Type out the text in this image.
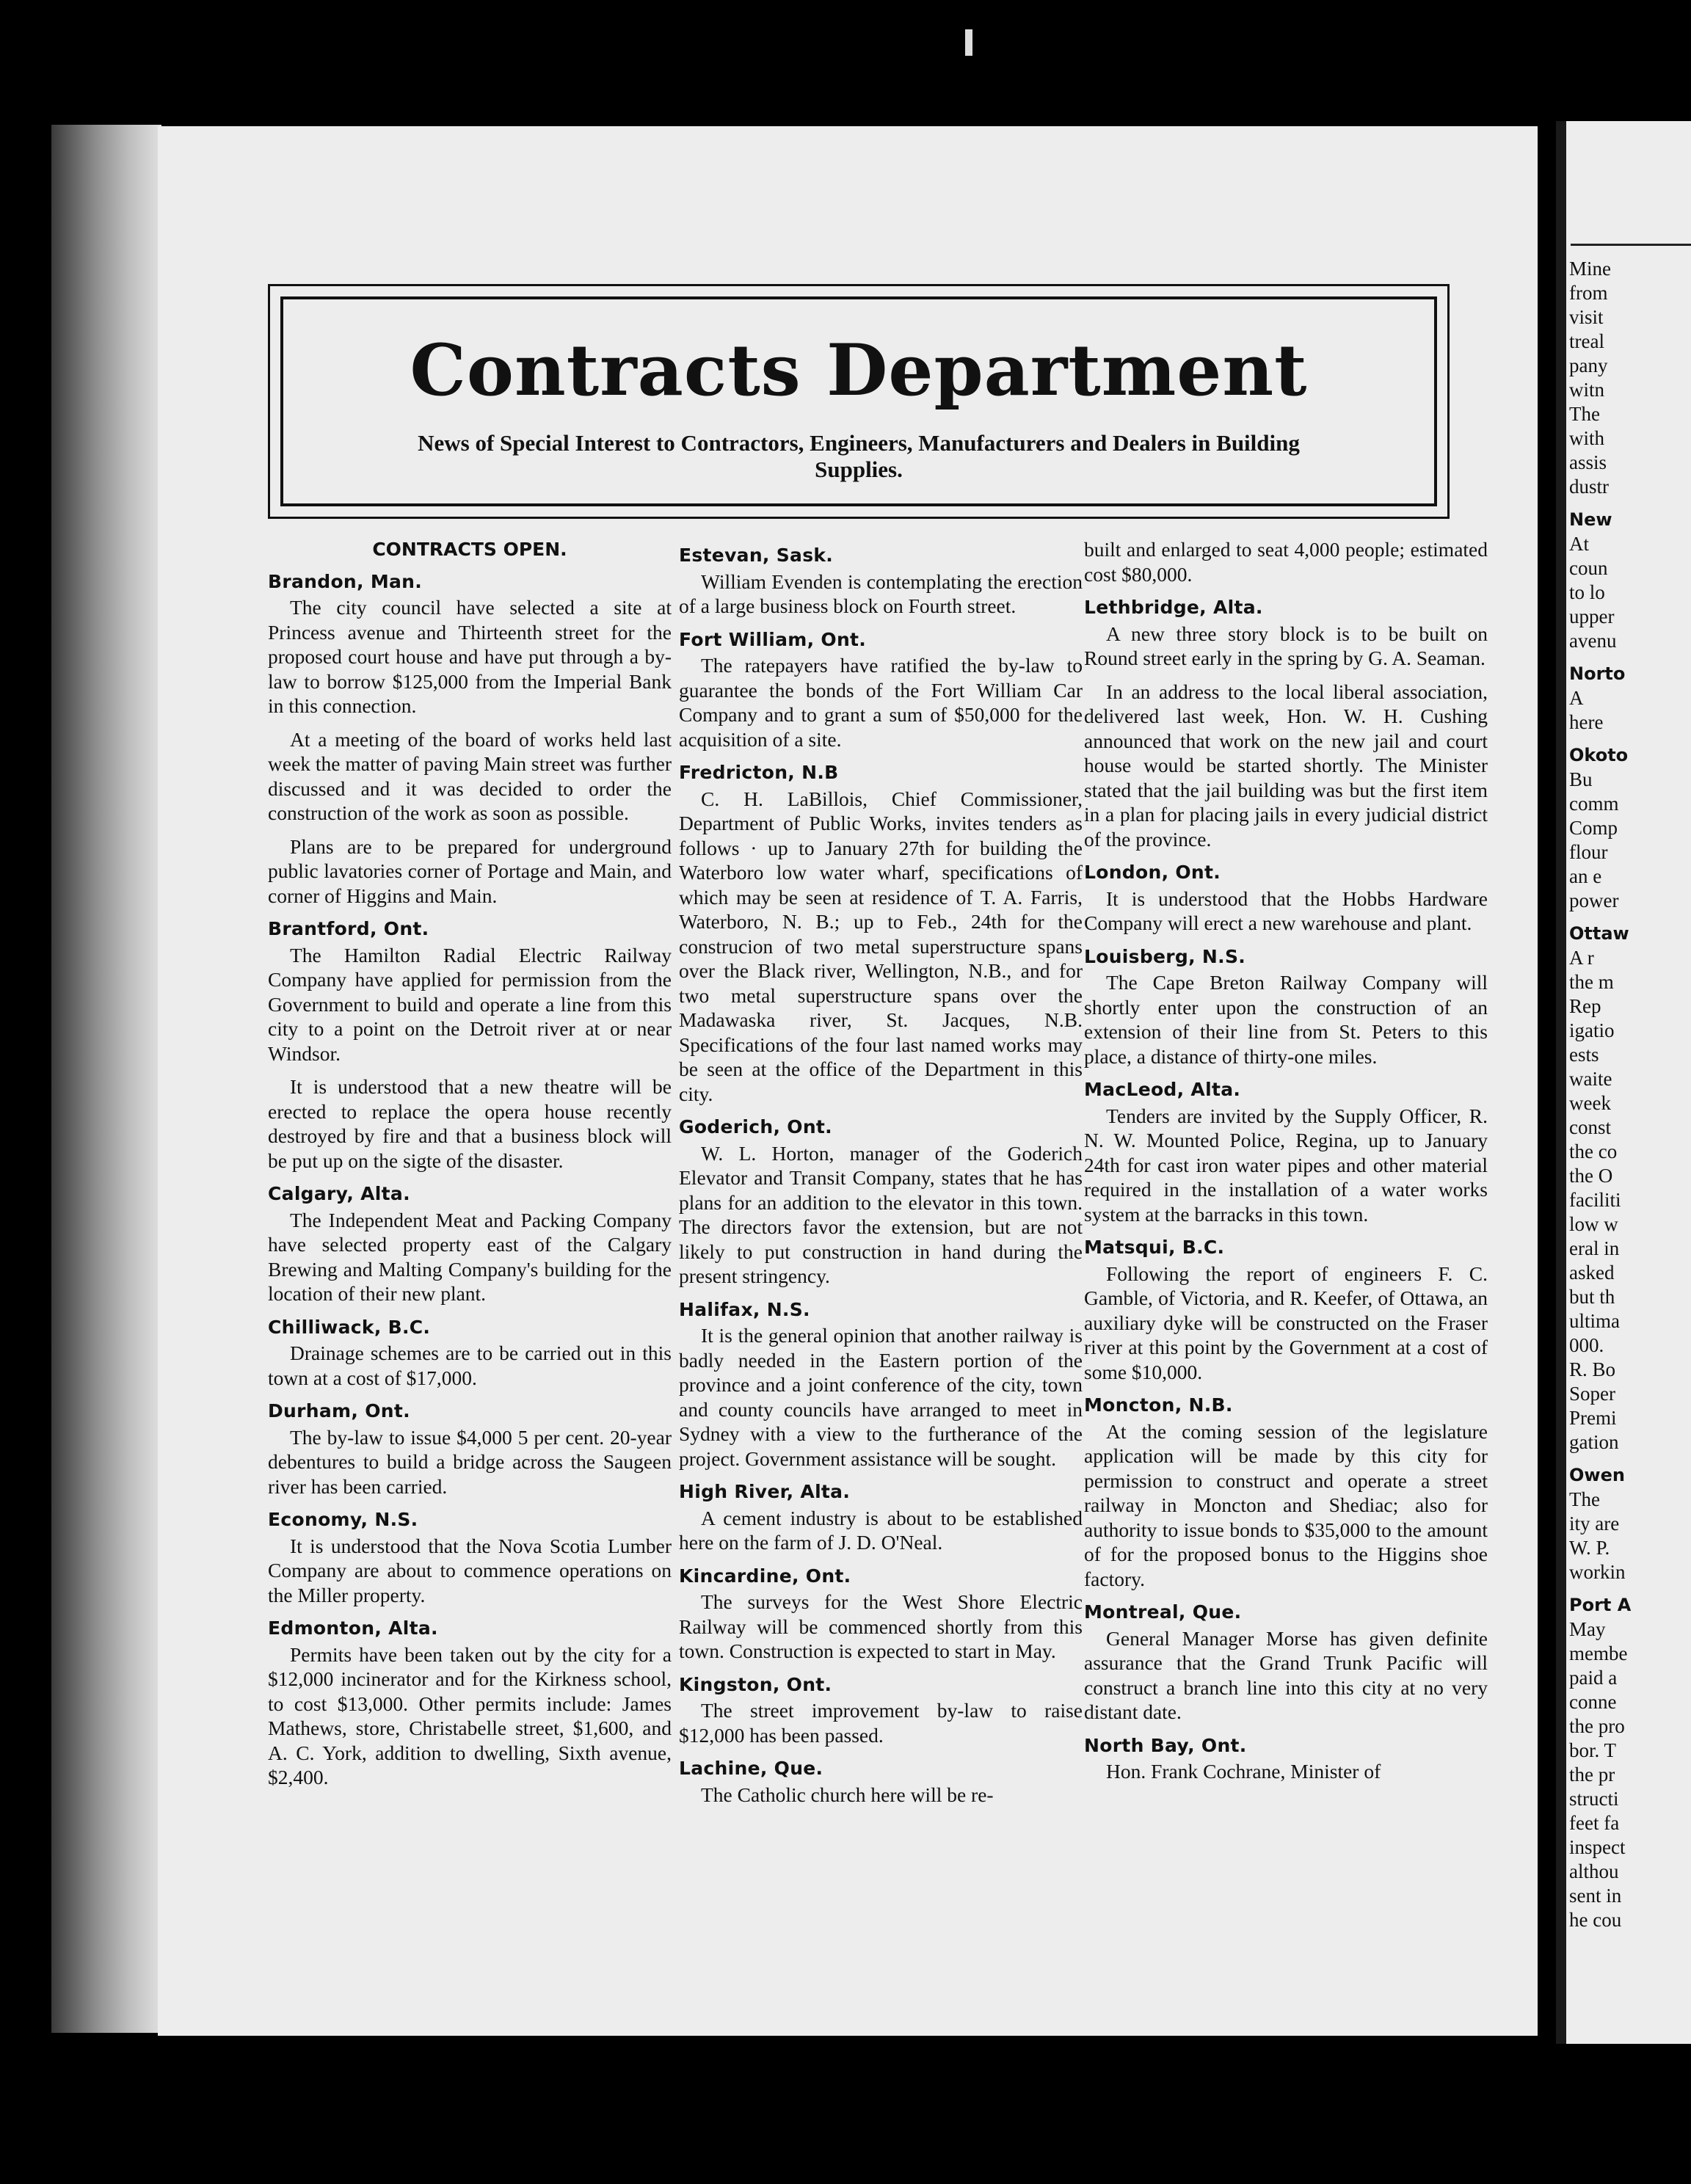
Contracts Department
News of Special Interest to Contractors, Engineers, Manufacturers and Dealers in Building Supplies.
CONTRACTS OPEN.
Brandon, Man.

The city council have selected a site at Princess avenue and Thirteenth street for the proposed court house and have put through a by-law to borrow $125,000 from the Imperial Bank in this connection.

At a meeting of the board of works held last week the matter of paving Main street was further discussed and it was decided to order the construction of the work as soon as possible.

Plans are to be prepared for underground public lavatories corner of Portage and Main, and corner of Higgins and Main.

Brantford, Ont.

The Hamilton Radial Electric Railway Company have applied for permission from the Government to build and operate a line from this city to a point on the Detroit river at or near Windsor.

It is understood that a new theatre will be erected to replace the opera house recently destroyed by fire and that a business block will be put up on the sigte of the disaster.

Calgary, Alta.

The Independent Meat and Packing Company have selected property east of the Calgary Brewing and Malting Company's building for the location of their new plant.

Chilliwack, B.C.

Drainage schemes are to be carried out in this town at a cost of $17,000.

Durham, Ont.

The by-law to issue $4,000 5 per cent. 20-year debentures to build a bridge across the Saugeen river has been carried.

Economy, N.S.

It is understood that the Nova Scotia Lumber Company are about to commence operations on the Miller property.

Edmonton, Alta.

Permits have been taken out by the city for a $12,000 incinerator and for the Kirkness school, to cost $13,000. Other permits include: James Mathews, store, Christabelle street, $1,600, and A. C. York, addition to dwelling, Sixth avenue, $2,400.

Estevan, Sask.

William Evenden is contemplating the erection of a large business block on Fourth street.

Fort William, Ont.

The ratepayers have ratified the by-law to guarantee the bonds of the Fort William Car Company and to grant a sum of $50,000 for the acquisition of a site.

Fredricton, N.B

C. H. LaBillois, Chief Commissioner, Department of Public Works, invites tenders as follows · up to January 27th for building the Waterboro low water wharf, specifications of which may be seen at residence of T. A. Farris, Waterboro, N. B.; up to Feb., 24th for the construcion of two metal superstructure spans over the Black river, Wellington, N.B., and for two metal superstructure spans over the Madawaska river, St. Jacques, N.B. Specifications of the four last named works may be seen at the office of the Department in this city.

Goderich, Ont.

W. L. Horton, manager of the Goderich Elevator and Transit Company, states that he has plans for an addition to the elevator in this town. The directors favor the extension, but are not likely to put construction in hand during the present stringency.

Halifax, N.S.

It is the general opinion that another railway is badly needed in the Eastern portion of the province and a joint conference of the city, town and county councils have arranged to meet in Sydney with a view to the furtherance of the project. Government assistance will be sought.

High River, Alta.

A cement industry is about to be established here on the farm of J. D. O'Neal.

Kincardine, Ont.

The surveys for the West Shore Electric Railway will be commenced shortly from this town. Construction is expected to start in May.

Kingston, Ont.

The street improvement by-law to raise $12,000 has been passed.

Lachine, Que.

The Catholic church here will be re-

built and enlarged to seat 4,000 people; estimated cost $80,000.

Lethbridge, Alta.

A new three story block is to be built on Round street early in the spring by G. A. Seaman.

In an address to the local liberal association, delivered last week, Hon. W. H. Cushing announced that work on the new jail and court house would be started shortly. The Minister stated that the jail building was but the first item in a plan for placing jails in every judicial district of the province.

London, Ont.

It is understood that the Hobbs Hardware Company will erect a new warehouse and plant.

Louisberg, N.S.

The Cape Breton Railway Company will shortly enter upon the construction of an extension of their line from St. Peters to this place, a distance of thirty-one miles.

MacLeod, Alta.

Tenders are invited by the Supply Officer, R. N. W. Mounted Police, Regina, up to January 24th for cast iron water pipes and other material required in the installation of a water works system at the barracks in this town.

Matsqui, B.C.

Following the report of engineers F. C. Gamble, of Victoria, and R. Keefer, of Ottawa, an auxiliary dyke will be constructed on the Fraser river at this point by the Government at a cost of some $10,000.

Moncton, N.B.

At the coming session of the legislature application will be made by this city for permission to construct and operate a street railway in Moncton and Shediac; also for authority to issue bonds to $35,000 to the amount of for the proposed bonus to the Higgins shoe factory.

Montreal, Que.

General Manager Morse has given definite assurance that the Grand Trunk Pacific will construct a branch line into this city at no very distant date.

North Bay, Ont.

Hon. Frank Cochrane, Minister of

Mine
from
visit
treal
pany
witn
The
with
assis
dustr
New
At
coun
to lo
upper
avenu
Norto
A
here
Okoto
Bu
comm
Comp
flour
an e
power
Ottaw
A r
the m
Rep
igatio
ests
waite
week
const
the co
the O
faciliti
low w
eral in
asked
but th
ultima
000.
R. Bo
Soper
Premi
gation
Owen
The
ity are
W. P.
workin
Port A
May
membe
paid a
conne
the pro
bor. T
the pr
structi
feet fa
inspect
althou
sent in
he cou
